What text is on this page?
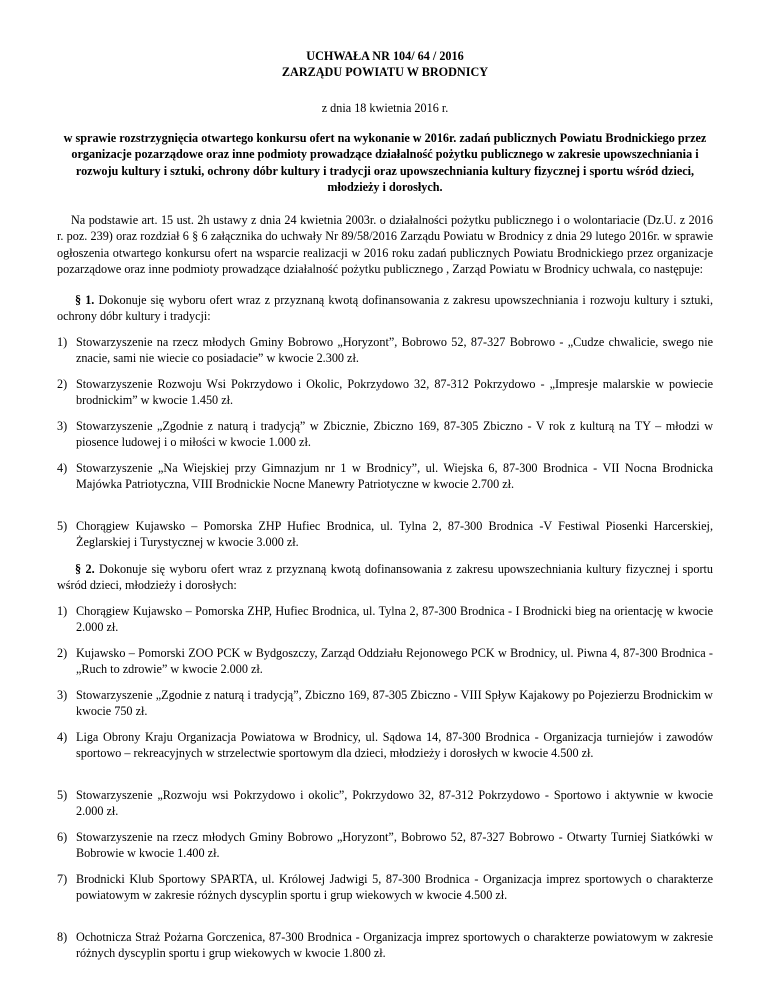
UCHWAŁA NR 104/ 64 / 2016
ZARZĄDU POWIATU W BRODNICY
z dnia 18 kwietnia 2016 r.
w sprawie rozstrzygnięcia otwartego konkursu ofert na wykonanie w 2016r. zadań publicznych Powiatu Brodnickiego przez organizacje pozarządowe oraz inne podmioty prowadzące działalność pożytku publicznego w zakresie upowszechniania i rozwoju kultury i sztuki, ochrony dóbr kultury i tradycji oraz upowszechniania kultury fizycznej i sportu wśród dzieci, młodzieży i dorosłych.
Na podstawie art. 15 ust. 2h ustawy z dnia 24 kwietnia 2003r. o działalności pożytku publicznego i o wolontariacie (Dz.U. z 2016 r. poz. 239) oraz rozdział 6 § 6 załącznika do uchwały Nr 89/58/2016 Zarządu Powiatu w Brodnicy z dnia 29 lutego 2016r. w sprawie ogłoszenia otwartego konkursu ofert na wsparcie realizacji w 2016 roku zadań publicznych Powiatu Brodnickiego przez organizacje pozarządowe oraz inne podmioty prowadzące działalność pożytku publicznego , Zarząd Powiatu w Brodnicy uchwala, co następuje:
§ 1. Dokonuje się wyboru ofert wraz z przyznaną kwotą dofinansowania z zakresu upowszechniania i rozwoju kultury i sztuki, ochrony dóbr kultury i tradycji:
1) Stowarzyszenie na rzecz młodych Gminy Bobrowo „Horyzont”, Bobrowo 52, 87-327 Bobrowo - „Cudze chwalicie, swego nie znacie, sami nie wiecie co posiadacie” w kwocie 2.300 zł.
2) Stowarzyszenie Rozwoju Wsi Pokrzydowo i Okolic, Pokrzydowo 32, 87-312 Pokrzydowo - „Impresje malarskie w powiecie brodnickim” w kwocie 1.450 zł.
3) Stowarzyszenie „Zgodnie z naturą i tradycją” w Zbicznie, Zbiczno 169, 87-305 Zbiczno - V rok z kulturą na TY – młodzi w piosence ludowej i o miłości w kwocie 1.000 zł.
4) Stowarzyszenie „Na Wiejskiej przy Gimnazjum nr 1 w Brodnicy”, ul. Wiejska 6, 87-300 Brodnica - VII Nocna Brodnicka Majówka Patriotyczna, VIII Brodnickie Nocne Manewry Patriotyczne w kwocie 2.700 zł.
5) Chorągiew Kujawsko – Pomorska ZHP Hufiec Brodnica, ul. Tylna 2, 87-300 Brodnica -V Festiwal Piosenki Harcerskiej, Żeglarskiej i Turystycznej w kwocie 3.000 zł.
§ 2. Dokonuje się wyboru ofert wraz z przyznaną kwotą dofinansowania z zakresu upowszechniania kultury fizycznej i sportu wśród dzieci, młodzieży i dorosłych:
1) Chorągiew Kujawsko – Pomorska ZHP, Hufiec Brodnica, ul. Tylna 2, 87-300 Brodnica - I Brodnicki bieg na orientację w kwocie 2.000 zł.
2) Kujawsko – Pomorski ZOO PCK w Bydgoszczy, Zarząd Oddziału Rejonowego PCK w Brodnicy, ul. Piwna 4, 87-300 Brodnica - „Ruch to zdrowie” w kwocie 2.000 zł.
3) Stowarzyszenie „Zgodnie z naturą i tradycją”, Zbiczno 169, 87-305 Zbiczno - VIII Spływ Kajakowy po Pojezierzu Brodnickim w kwocie 750 zł.
4) Liga Obrony Kraju Organizacja Powiatowa w Brodnicy, ul. Sądowa 14, 87-300 Brodnica - Organizacja turniejów i zawodów sportowo – rekreacyjnych w strzelectwie sportowym dla dzieci, młodzieży i dorosłych w kwocie 4.500 zł.
5) Stowarzyszenie „Rozwoju wsi Pokrzydowo i okolic”, Pokrzydowo 32, 87-312 Pokrzydowo - Sportowo i aktywnie w kwocie 2.000 zł.
6) Stowarzyszenie na rzecz młodych Gminy Bobrowo „Horyzont”, Bobrowo 52, 87-327 Bobrowo - Otwarty Turniej Siatkówki w Bobrowie w kwocie 1.400 zł.
7) Brodnicki Klub Sportowy SPARTA, ul. Królowej Jadwigi 5, 87-300 Brodnica - Organizacja imprez sportowych o charakterze powiatowym w zakresie różnych dyscyplin sportu i grup wiekowych w kwocie 4.500 zł.
8) Ochotnicza Straż Pożarna Gorczenica, 87-300 Brodnica - Organizacja imprez sportowych o charakterze powiatowym w zakresie różnych dyscyplin sportu i grup wiekowych w kwocie 1.800 zł.
